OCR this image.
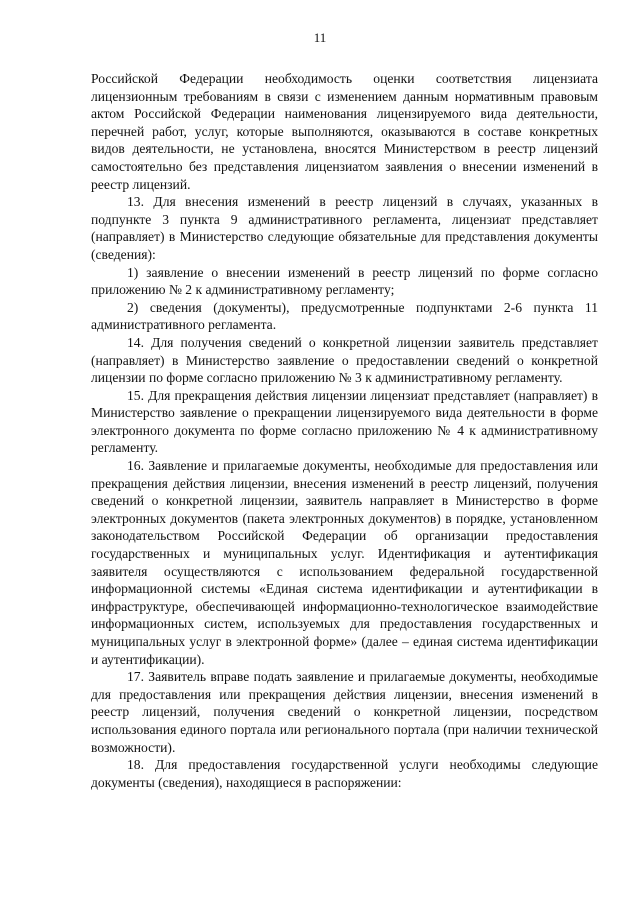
11

Российской Федерации необходимость оценки соответствия лицензиата лицензионным требованиям в связи с изменением данным нормативным правовым актом Российской Федерации наименования лицензируемого вида деятельности, перечней работ, услуг, которые выполняются, оказываются в составе конкретных видов деятельности, не установлена, вносятся Министерством в реестр лицензий самостоятельно без представления лицензиатом заявления о внесении изменений в реестр лицензий.

13. Для внесения изменений в реестр лицензий в случаях, указанных в подпункте 3 пункта 9 административного регламента, лицензиат представляет (направляет) в Министерство следующие обязательные для представления документы (сведения):

1) заявление о внесении изменений в реестр лицензий по форме согласно приложению № 2 к административному регламенту;

2) сведения (документы), предусмотренные подпунктами 2-6 пункта 11 административного регламента.

14. Для получения сведений о конкретной лицензии заявитель представляет (направляет) в Министерство заявление о предоставлении сведений о конкретной лицензии по форме согласно приложению № 3 к административному регламенту.

15. Для прекращения действия лицензии лицензиат представляет (направляет) в Министерство заявление о прекращении лицензируемого вида деятельности в форме электронного документа по форме согласно приложению № 4 к административному регламенту.

16. Заявление и прилагаемые документы, необходимые для предоставления или прекращения действия лицензии, внесения изменений в реестр лицензий, получения сведений о конкретной лицензии, заявитель направляет в Министерство в форме электронных документов (пакета электронных документов) в порядке, установленном законодательством Российской Федерации об организации предоставления государственных и муниципальных услуг. Идентификация и аутентификация заявителя осуществляются с использованием федеральной государственной информационной системы «Единая система идентификации и аутентификации в инфраструктуре, обеспечивающей информационно-технологическое взаимодействие информационных систем, используемых для предоставления государственных и муниципальных услуг в электронной форме» (далее – единая система идентификации и аутентификации).

17. Заявитель вправе подать заявление и прилагаемые документы, необходимые для предоставления или прекращения действия лицензии, внесения изменений в реестр лицензий, получения сведений о конкретной лицензии, посредством использования единого портала или регионального портала (при наличии технической возможности).

18. Для предоставления государственной услуги необходимы следующие документы (сведения), находящиеся в распоряжении:
